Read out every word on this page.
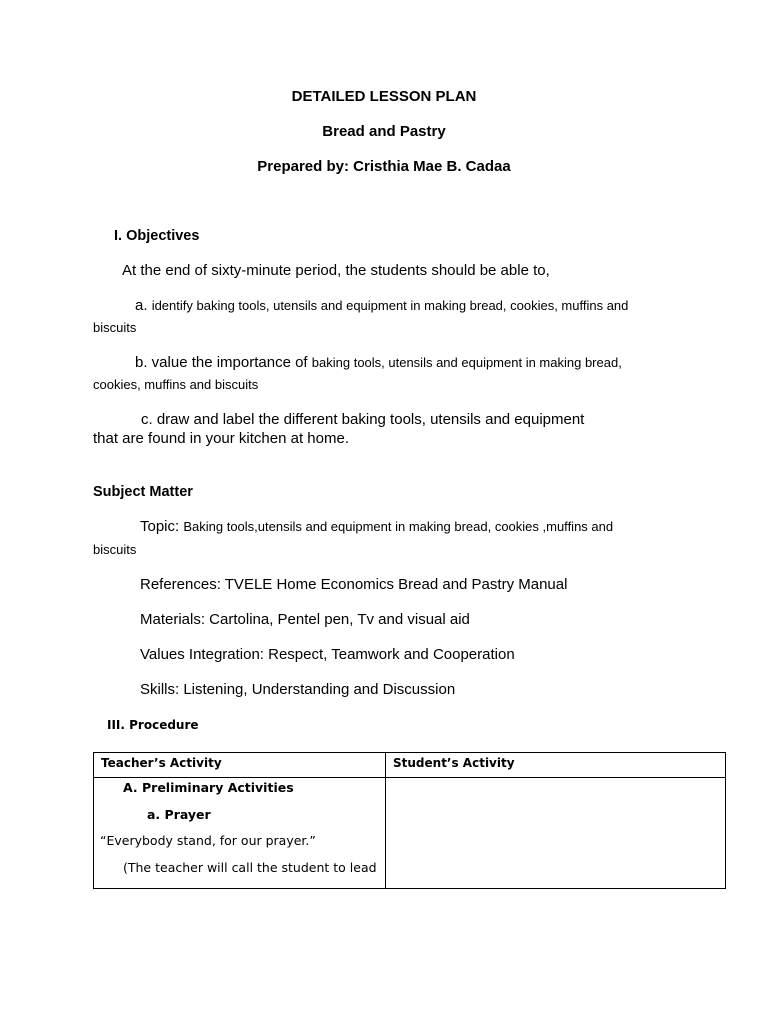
DETAILED LESSON PLAN
Bread and Pastry
Prepared by: Cristhia Mae B. Cadaa
I. Objectives
At the end of sixty-minute period, the students should be able to,
a. identify baking tools, utensils and equipment in making bread, cookies, muffins and
biscuits
b. value the importance of baking tools, utensils and equipment in making bread,
cookies, muffins and biscuits
c. draw and label the different baking tools, utensils and equipment
that are found in your kitchen at home.
Subject Matter
Topic: Baking tools,utensils and equipment in making bread, cookies ,muffins and
biscuits
References: TVELE Home Economics Bread and Pastry Manual
Materials: Cartolina, Pentel pen, Tv and visual aid
Values Integration: Respect, Teamwork and Cooperation
Skills: Listening, Understanding and Discussion
III. Procedure
Teacher’s Activity	Student’s Activity

A. Preliminary Activities
a. Prayer
“Everybody stand, for our prayer.”
(The teacher will call the student to lead	
